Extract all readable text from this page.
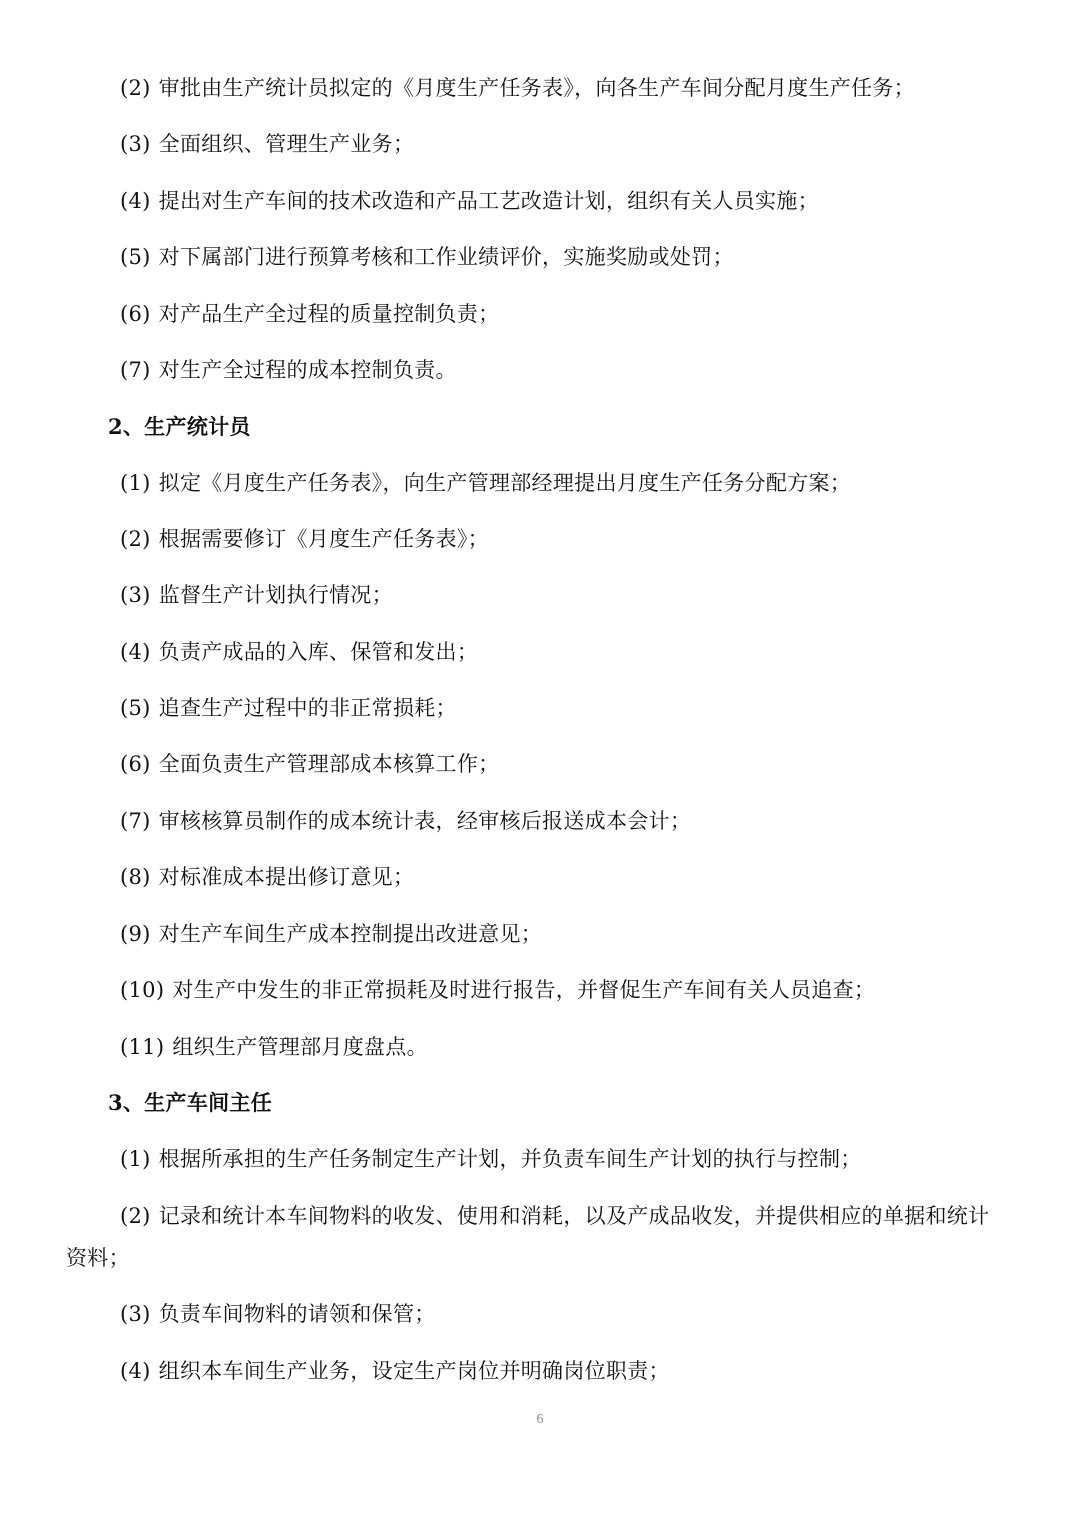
(2) 审批由生产统计员拟定的《月度生产任务表》，向各生产车间分配月度生产任务；
(3) 全面组织、管理生产业务；
(4) 提出对生产车间的技术改造和产品工艺改造计划，组织有关人员实施；
(5) 对下属部门进行预算考核和工作业绩评价，实施奖励或处罚；
(6) 对产品生产全过程的质量控制负责；
(7) 对生产全过程的成本控制负责。
2、生产统计员
(1) 拟定《月度生产任务表》，向生产管理部经理提出月度生产任务分配方案；
(2) 根据需要修订《月度生产任务表》；
(3) 监督生产计划执行情况；
(4) 负责产成品的入库、保管和发出；
(5) 追查生产过程中的非正常损耗；
(6) 全面负责生产管理部成本核算工作；
(7) 审核核算员制作的成本统计表，经审核后报送成本会计；
(8) 对标准成本提出修订意见；
(9) 对生产车间生产成本控制提出改进意见；
(10) 对生产中发生的非正常损耗及时进行报告，并督促生产车间有关人员追查；
(11) 组织生产管理部月度盘点。
3、生产车间主任
(1) 根据所承担的生产任务制定生产计划，并负责车间生产计划的执行与控制；
(2) 记录和统计本车间物料的收发、使用和消耗，以及产成品收发，并提供相应的单据和统计
资料；
(3) 负责车间物料的请领和保管；
(4) 组织本车间生产业务，设定生产岗位并明确岗位职责；
6
